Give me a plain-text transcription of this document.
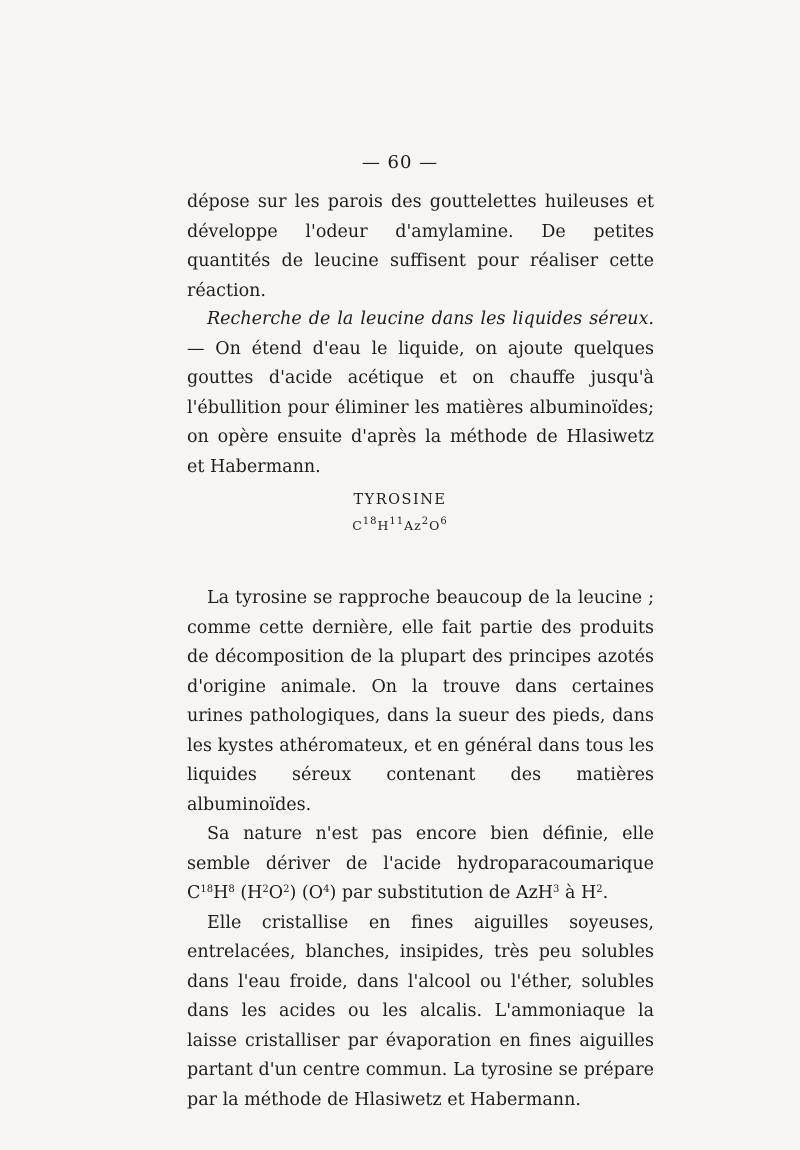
— 60 —

dépose sur les parois des gouttelettes huileuses et développe l'odeur d'amylamine. De petites quantités de leucine suffisent pour réaliser cette réaction.

Recherche de la leucine dans les liquides séreux. — On étend d'eau le liquide, on ajoute quelques gouttes d'acide acétique et on chauffe jusqu'à l'ébullition pour éliminer les matières albuminoïdes; on opère ensuite d'après la méthode de Hlasiwetz et Habermann.

TYROSINE
$C^{18}H^{11}Az^2O^6$

La tyrosine se rapproche beaucoup de la leucine ; comme cette dernière, elle fait partie des produits de décomposition de la plupart des principes azotés d'origine animale. On la trouve dans certaines urines pathologiques, dans la sueur des pieds, dans les kystes athéromateux, et en général dans tous les liquides séreux contenant des matières albuminoïdes.

Sa nature n'est pas encore bien définie, elle semble dériver de l'acide hydroparacoumarique $C^{18}H^8$ $(H^2O^2)$ $(O^4)$ par substitution de AzH$^3$ à $H^2$.

Elle cristallise en fines aiguilles soyeuses, entrelacées, blanches, insipides, très peu solubles dans l'eau froide, dans l'alcool ou l'éther, solubles dans les acides ou les alcalis. L'ammoniaque la laisse cristalliser par évaporation en fines aiguilles partant d'un centre commun. La tyrosine se prépare par la méthode de Hlasiwetz et Habermann.
